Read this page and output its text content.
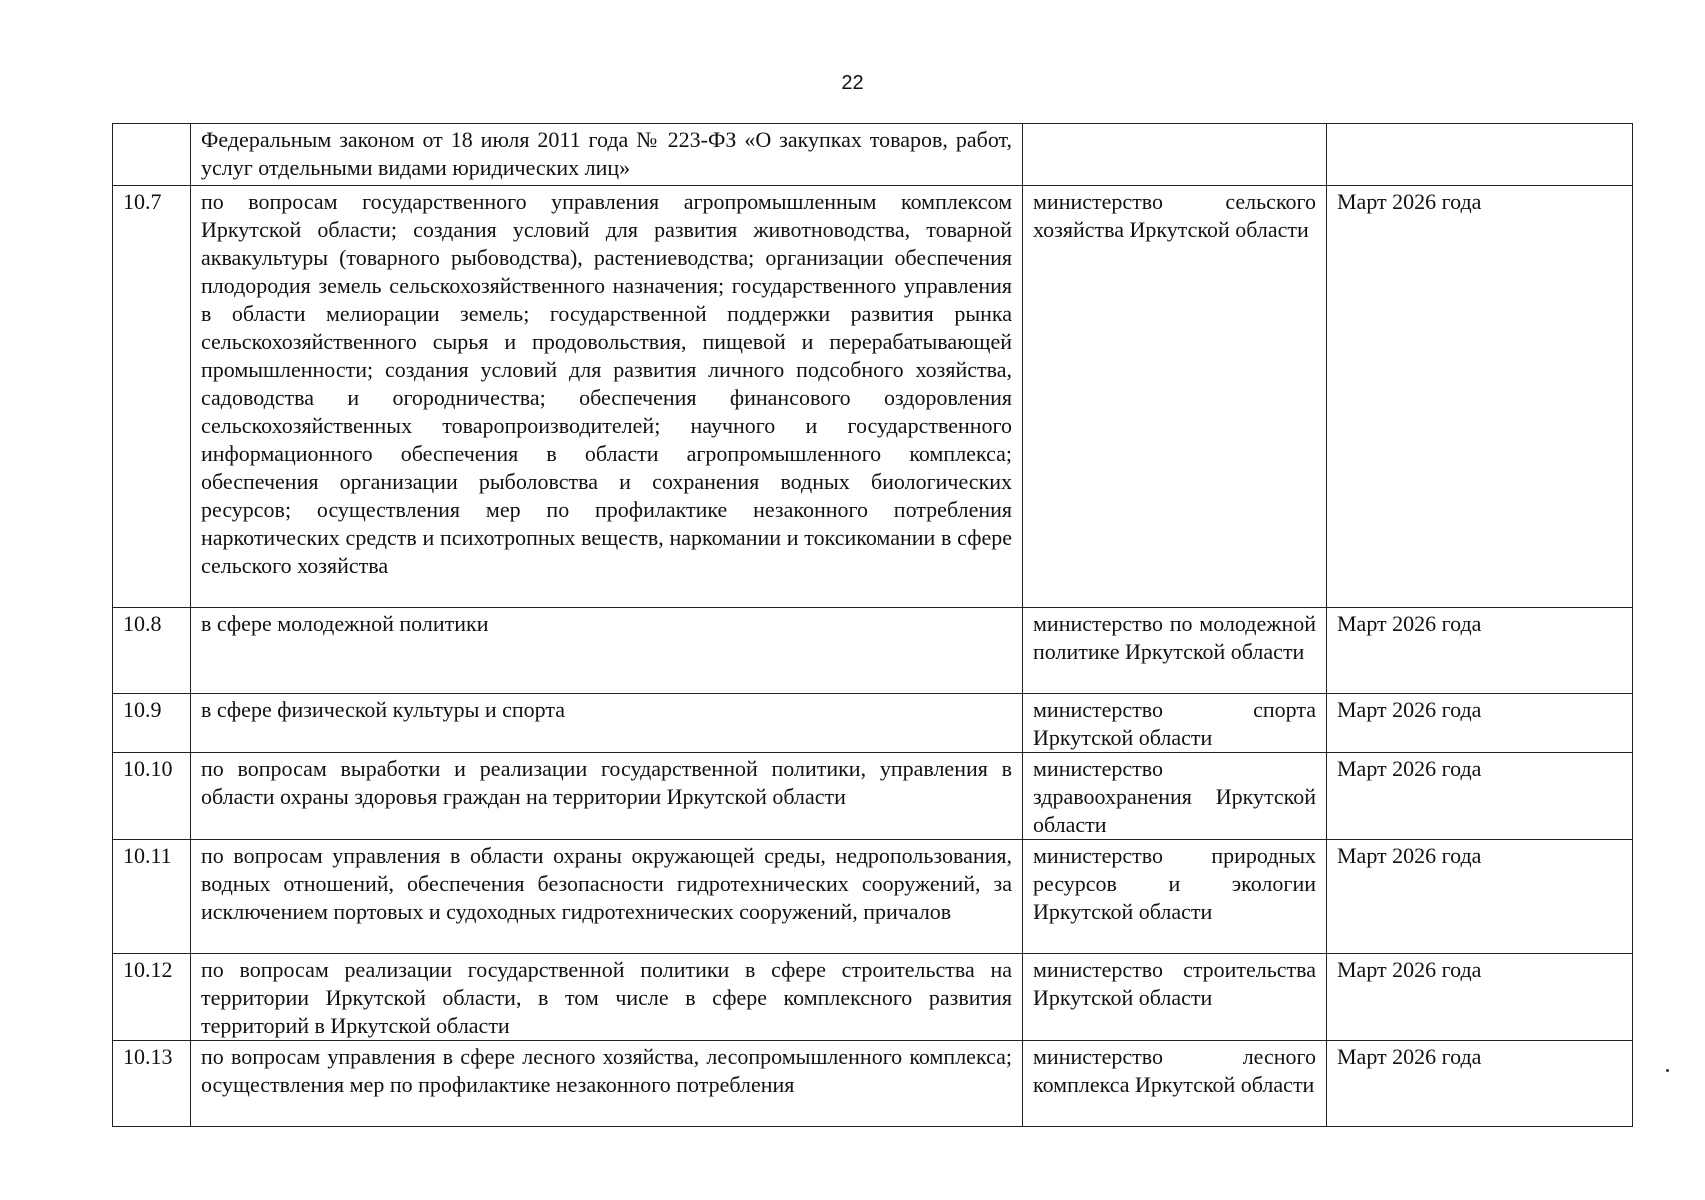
22
	Федеральным законом от 18 июля 2011 года № 223-ФЗ «О закупках товаров, работ, услуг отдельными видами юридических лиц»		
10.7	по вопросам государственного управления агропромышленным комплексом Иркутской области; создания условий для развития животноводства, товарной аквакультуры (товарного рыбоводства), растениеводства; организации обеспечения плодородия земель сельскохозяйственного назначения; государственного управления в области мелиорации земель; государственной поддержки развития рынка сельскохозяйственного сырья и продовольствия, пищевой и перерабатывающей промышленности; создания условий для развития личного подсобного хозяйства, садоводства и огородничества; обеспечения финансового оздоровления сельскохозяйственных товаропроизводителей; научного и государственного информационного обеспечения в области агропромышленного комплекса; обеспечения организации рыболовства и сохранения водных биологических ресурсов; осуществления мер по профилактике незаконного потребления наркотических средств и психотропных веществ, наркомании и токсикомании в сфере сельского хозяйства	министерство сельского хозяйства Иркутской области	Март 2026 года
10.8	в сфере молодежной политики	министерство по молодежной политике Иркутской области	Март 2026 года
10.9	в сфере физической культуры и спорта	министерство спорта Иркутской области	Март 2026 года
10.10	по вопросам выработки и реализации государственной политики, управления в области охраны здоровья граждан на территории Иркутской области	министерство здравоохранения Иркутской области	Март 2026 года
10.11	по вопросам управления в области охраны окружающей среды, недропользования, водных отношений, обеспечения безопасности гидротехнических сооружений, за исключением портовых и судоходных гидротехнических сооружений, причалов	министерство природных ресурсов и экологии Иркутской области	Март 2026 года
10.12	по вопросам реализации государственной политики в сфере строительства на территории Иркутской области, в том числе в сфере комплексного развития территорий в Иркутской области	министерство строительства Иркутской области	Март 2026 года
10.13	по вопросам управления в сфере лесного хозяйства, лесопромышленного комплекса; осуществления мер по профилактике незаконного потребления	министерство лесного комплекса Иркутской области	Март 2026 года
